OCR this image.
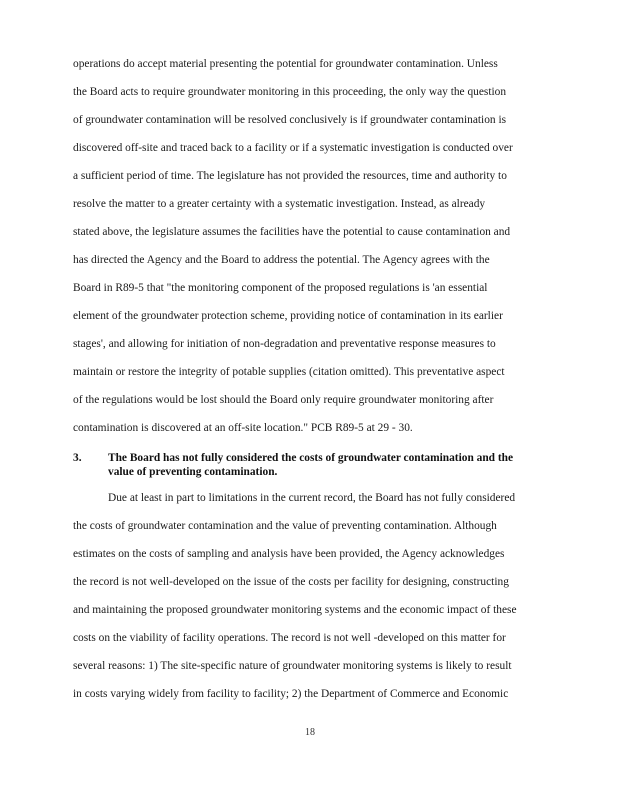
operations do accept material presenting the potential for groundwater contamination. Unless
the Board acts to require groundwater monitoring in this proceeding, the only way the question
of groundwater contamination will be resolved conclusively is if groundwater contamination is
discovered off-site and traced back to a facility or if a systematic investigation is conducted over
a sufficient period of time. The legislature has not provided the resources, time and authority to
resolve the matter to a greater certainty with a systematic investigation. Instead, as already
stated above, the legislature assumes the facilities have the potential to cause contamination and
has directed the Agency and the Board to address the potential. The Agency agrees with the
Board in R89-5 that "the monitoring component of the proposed regulations is 'an essential
element of the groundwater protection scheme, providing notice of contamination in its earlier
stages', and allowing for initiation of non-degradation and preventative response measures to
maintain or restore the integrity of potable supplies (citation omitted). This preventative aspect
of the regulations would be lost should the Board only require groundwater monitoring after
contamination is discovered at an off-site location." PCB R89-5 at 29 - 30.
3. The Board has not fully considered the costs of groundwater contamination and the
value of preventing contamination.
Due at least in part to limitations in the current record, the Board has not fully considered
the costs of groundwater contamination and the value of preventing contamination. Although
estimates on the costs of sampling and analysis have been provided, the Agency acknowledges
the record is not well-developed on the issue of the costs per facility for designing, constructing
and maintaining the proposed groundwater monitoring systems and the economic impact of these
costs on the viability of facility operations. The record is not well -developed on this matter for
several reasons: 1) The site-specific nature of groundwater monitoring systems is likely to result
in costs varying widely from facility to facility; 2) the Department of Commerce and Economic
18
